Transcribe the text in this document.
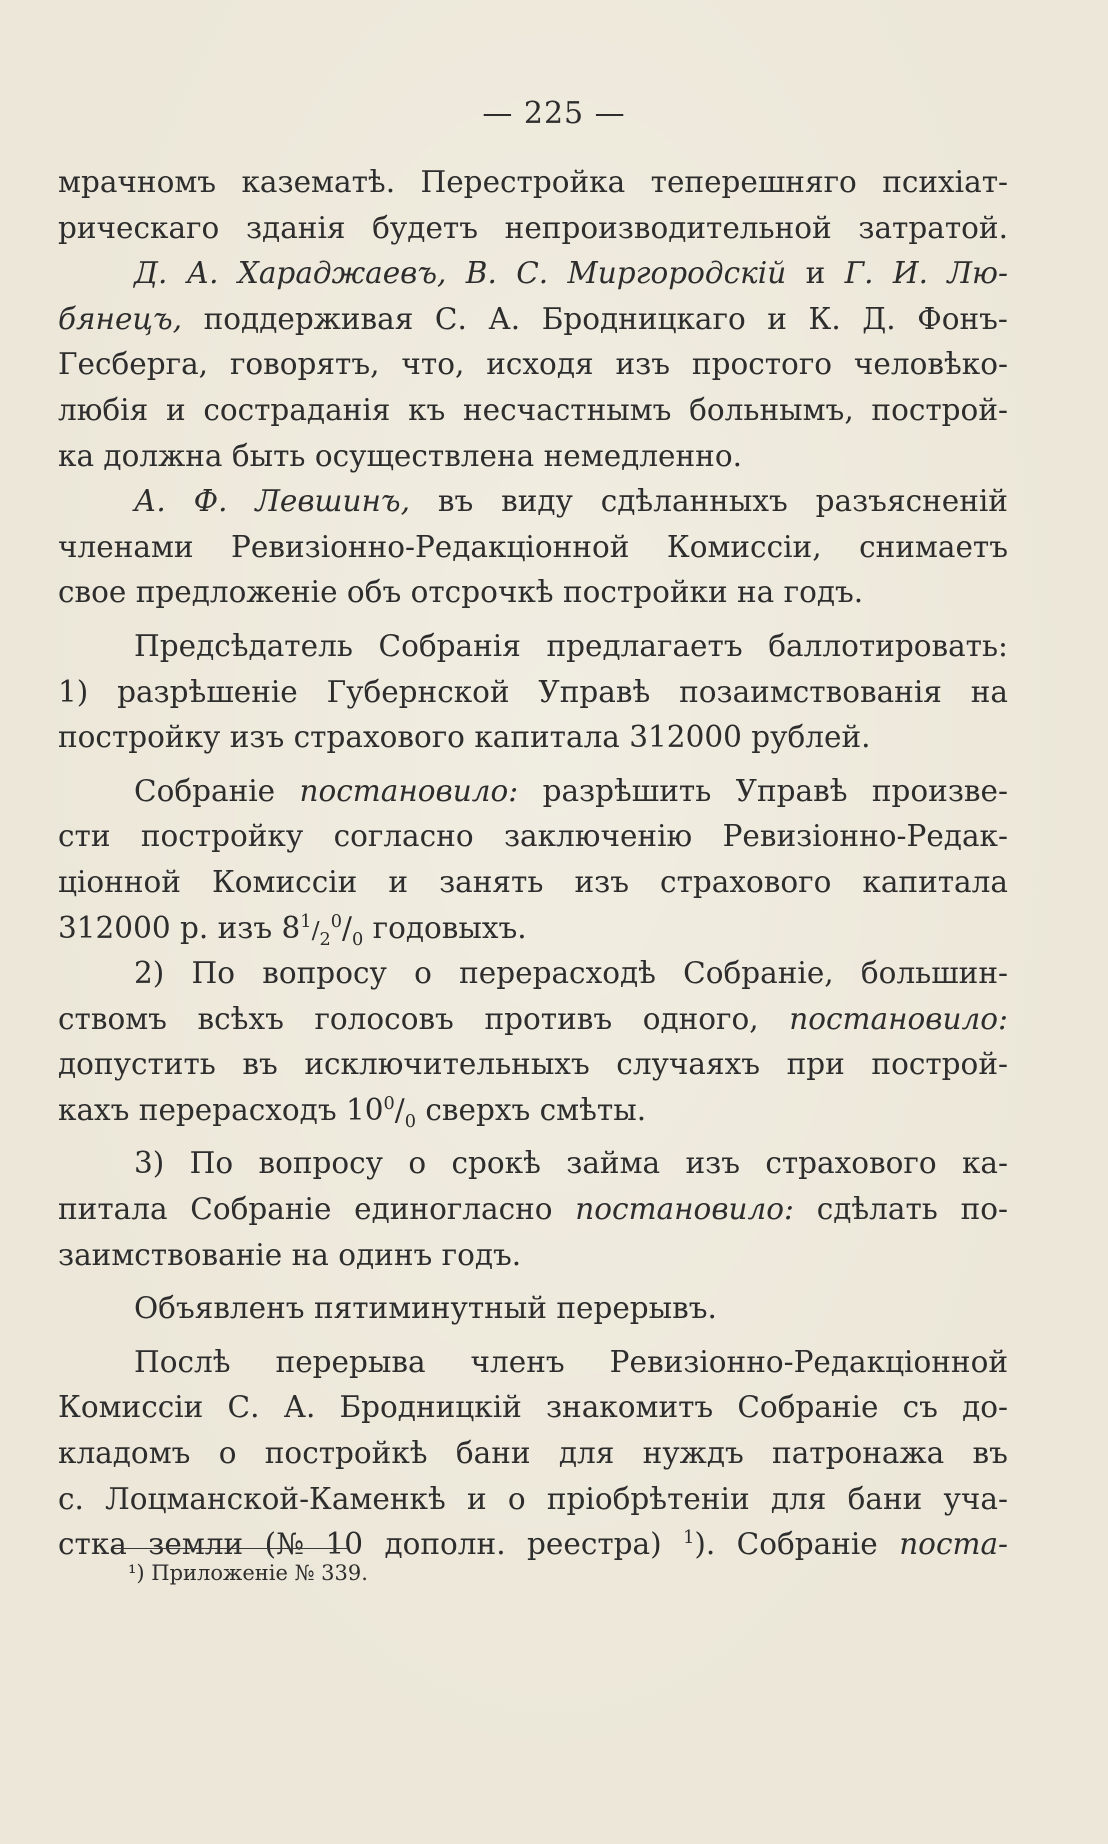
— 225 —
мрачномъ казематѣ. Перестройка теперешняго психіат-
рическаго зданія будетъ непроизводительной затратой.
Д. А. Хараджаевъ, В. С. Миргородскій и Г. И. Лю-
бянецъ, поддерживая С. А. Бродницкаго и К. Д. Фонъ-
Гесберга, говорятъ, что, исходя изъ простого человѣко-
любія и состраданія къ несчастнымъ больнымъ, построй-
ка должна быть осуществлена немедленно.
А. Ф. Левшинъ, въ виду сдѣланныхъ разъясненій
членами Ревизіонно-Редакціонной Комиссіи, снимаетъ
свое предложеніе объ отсрочкѣ постройки на годъ.
Предсѣдатель Собранія предлагаетъ баллотировать:
1) разрѣшеніе Губернской Управѣ позаимствованія на
постройку изъ страхового капитала 312000 рублей.
Собраніе постановило: разрѣшить Управѣ произве-
сти постройку согласно заключенію Ревизіонно-Редак-
ціонной Комиссіи и занять изъ страхового капитала
312000 р. изъ $8^1/_2^0/_0$ годовыхъ.
2) По вопросу о перерасходѣ Собраніе, большин-
ствомъ всѣхъ голосовъ противъ одного, постановило:
допустить въ исключительныхъ случаяхъ при построй-
кахъ перерасходъ $10^0/_0$ сверхъ смѣты.
3) По вопросу о срокѣ займа изъ страхового ка-
питала Собраніе единогласно постановило: сдѣлать по-
заимствованіе на одинъ годъ.
Объявленъ пятиминутный перерывъ.
Послѣ перерыва членъ Ревизіонно-Редакціонной
Комиссіи С. А. Бродницкій знакомитъ Собраніе съ до-
кладомъ о постройкѣ бани для нуждъ патронажа въ
с. Лоцманской-Каменкѣ и о пріобрѣтеніи для бани уча-
стка земли (№ 10 дополн. реестра) $^1$). Собраніе поста-
¹) Приложеніе № 339.
